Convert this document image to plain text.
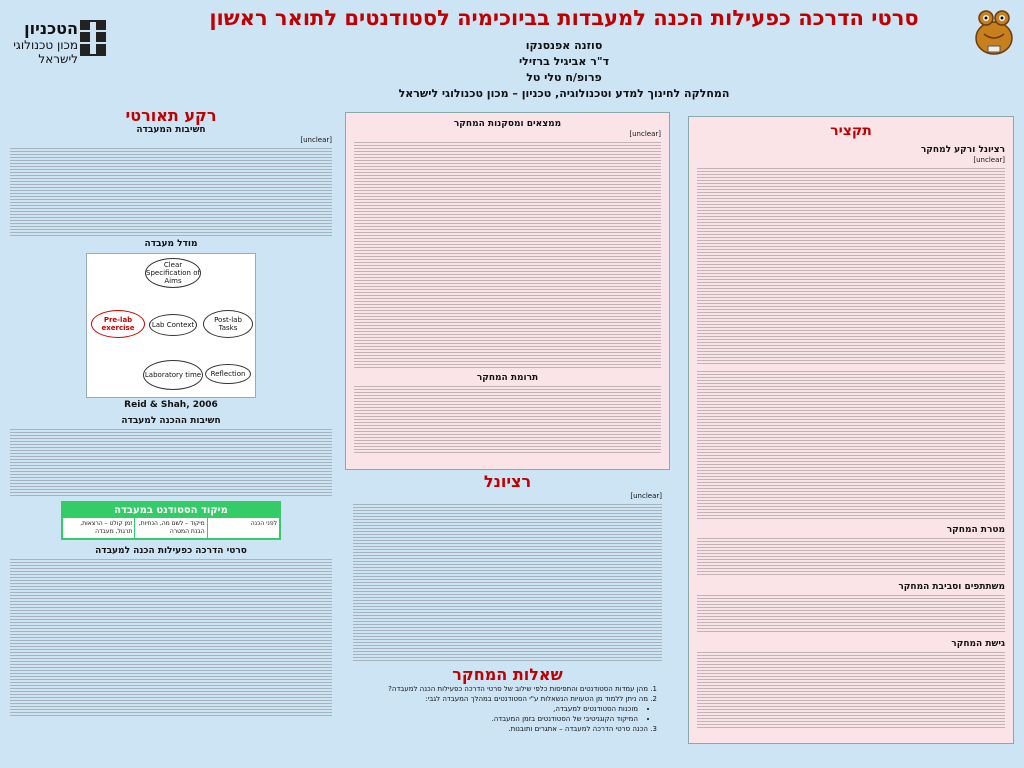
סרטי הדרכה כפעילות הכנה למעבדות בביוכימיה לסטודנטים לתואר ראשון
סוזנה אפנסנקו
ד"ר אביגיל ברזילי
פרופ/ח טלי טל
המחלקה לחינוך למדע וטכנולוגיה, טכניון – מכון טכנולוגי לישראל
הטכניון
מכון טכנולוגי
לישראל
תקציר
רציונל ורקע למחקר
[unclear]
מטרת המחקר
משתתפים וסביבת המחקר
גישת המחקר
ממצאים ומסקנות המחקר
[unclear]
תרומת המחקר
רציונל
[unclear]
שאלות המחקר
1. מהן עמדות הסטודנטים והתפיסות כלפי שילוב של סרטי הדרכה כפעילות הכנה למעבדה?
2. מה ניתן ללמוד מן הטעויות הנשאלות ע"י הסטודנטים במהלך המעבדה לגבי:
• מוכנות הסטודנטים למעבדה,
• המיקוד הקוגניטיבי של הסטודנטים בזמן המעבדה.
3. הכנה סרטי הדרכה למעבדה – אתגרים ותובנות.
רקע תאורטי
חשיבות המעבדה
[unclear]
מודל מעבדה
Clear Specification of Aims
Pre-lab exercise	Lab Context
Post-lab Tasks
Laboratory time	Reflection
Reid & Shah, 2006
חשיבות ההכנה למעבדה
מיקוד הסטודנט במעבדה
לפני הכנה
מיקוד – לשם מה, הנחיות, הבנת המטרה
זמן קולט – הרצאות, תרגול, מעבדה
סרטי הדרכה כפעילות הכנה למעבדה
